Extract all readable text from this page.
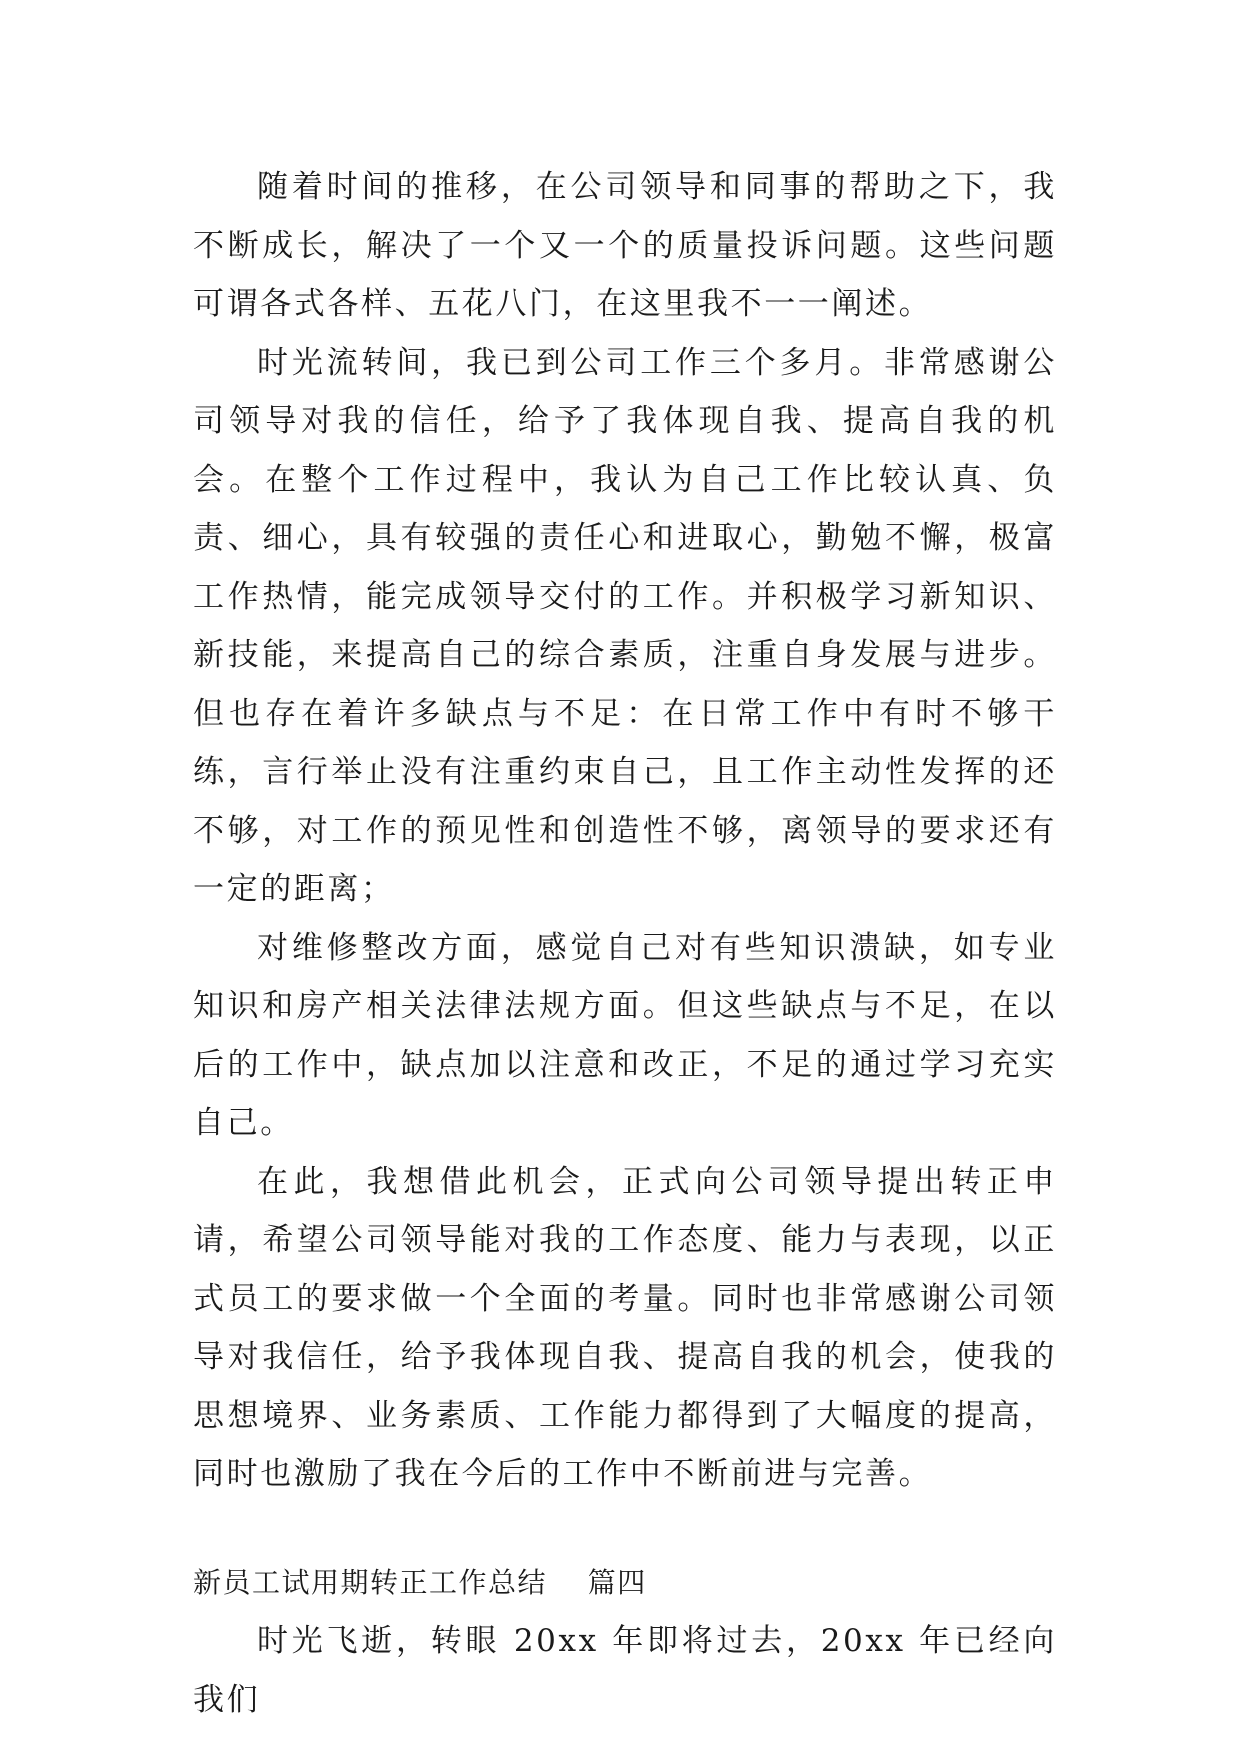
随着时间的推移，在公司领导和同事的帮助之下，我不断成长，解决了一个又一个的质量投诉问题。这些问题可谓各式各样、五花八门，在这里我不一一阐述。

时光流转间，我已到公司工作三个多月。非常感谢公司领导对我的信任，给予了我体现自我、提高自我的机会。在整个工作过程中，我认为自己工作比较认真、负责、细心，具有较强的责任心和进取心，勤勉不懈，极富工作热情，能完成领导交付的工作。并积极学习新知识、新技能，来提高自己的综合素质，注重自身发展与进步。但也存在着许多缺点与不足：在日常工作中有时不够干练，言行举止没有注重约束自己，且工作主动性发挥的还不够，对工作的预见性和创造性不够，离领导的要求还有一定的距离；

对维修整改方面，感觉自己对有些知识溃缺，如专业知识和房产相关法律法规方面。但这些缺点与不足，在以后的工作中，缺点加以注意和改正，不足的通过学习充实自己。

在此，我想借此机会，正式向公司领导提出转正申请，希望公司领导能对我的工作态度、能力与表现，以正式员工的要求做一个全面的考量。同时也非常感谢公司领导对我信任，给予我体现自我、提高自我的机会，使我的思想境界、业务素质、工作能力都得到了大幅度的提高，同时也激励了我在今后的工作中不断前进与完善。

新员工试用期转正工作总结  篇四

时光飞逝，转眼 20xx 年即将过去，20xx 年已经向我们
